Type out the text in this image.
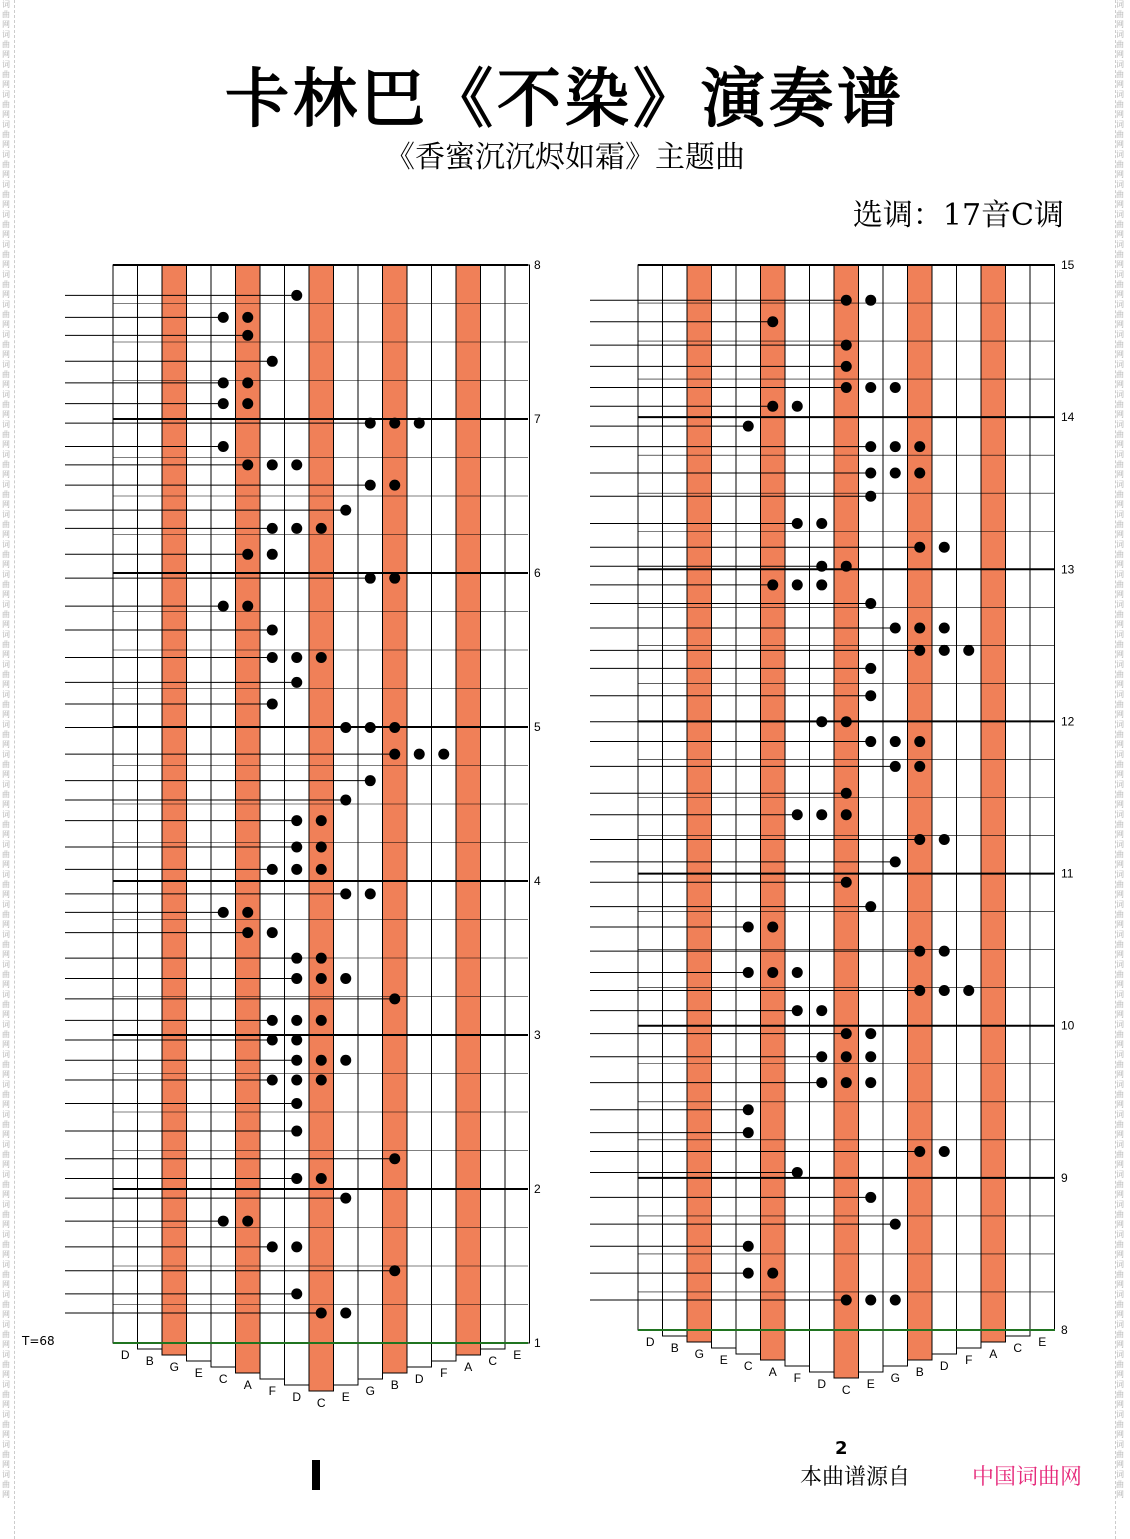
词曲网 词曲网 词曲网 词曲网 词曲网 词曲网 词曲网 词曲网 词曲网 词曲网 词曲网 词曲网 词曲网 词曲网 词曲网 词曲网 词曲网 词曲网 词曲网 词曲网 词曲网 词曲网 词曲网 词曲网 词曲网 词曲网 词曲网 词曲网 词曲网 词曲网 词曲网 词曲网 词曲网 词曲网 词曲网 词曲网 词曲网 词曲网 词曲网 词曲网 词曲网 词曲网 词曲网 词曲网 词曲网 词曲网 词曲网 词曲网 词曲网 词曲网
词曲网 词曲网 词曲网 词曲网 词曲网 词曲网 词曲网 词曲网 词曲网 词曲网 词曲网 词曲网 词曲网 词曲网 词曲网 词曲网 词曲网 词曲网 词曲网 词曲网 词曲网 词曲网 词曲网 词曲网 词曲网 词曲网 词曲网 词曲网 词曲网 词曲网 词曲网 词曲网 词曲网 词曲网 词曲网 词曲网 词曲网 词曲网 词曲网 词曲网 词曲网 词曲网 词曲网 词曲网 词曲网 词曲网 词曲网 词曲网 词曲网 词曲网
卡林巴《不染》演奏谱
《香蜜沉沉烬如霜》主题曲
选调：17音C调
T=68
D B G E C A F D C E G B D F A C E
1
2
3
4
5
6
7
8
D B G E C A F D C E G B D F A C E
8
9
10
11
12
13
14
15
2
本曲谱源自	中国词曲网
